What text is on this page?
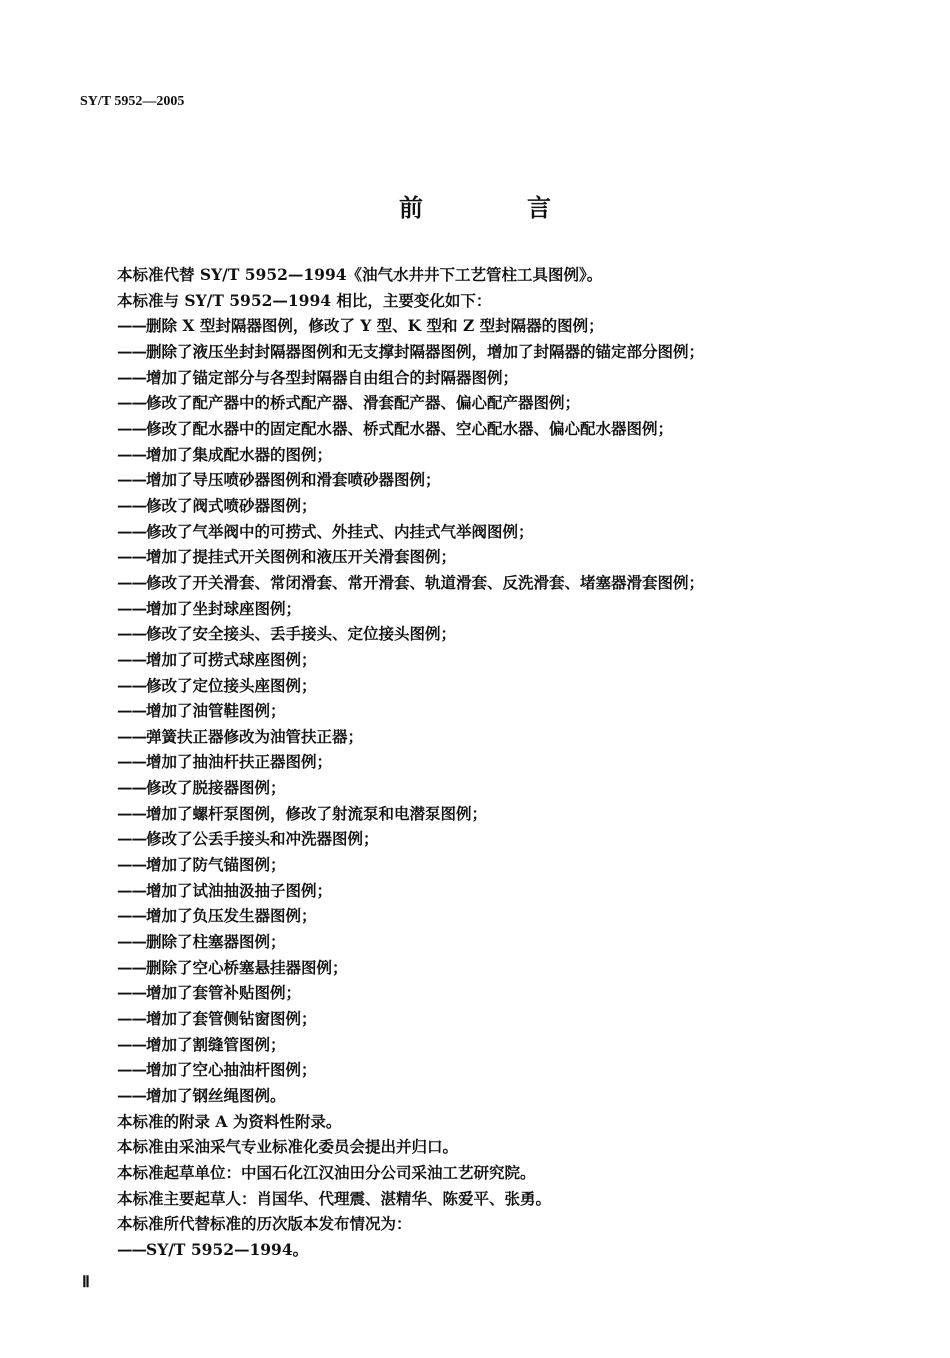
SY/T 5952—2005
前　言
本标准代替 SY/T 5952—1994《油气水井井下工艺管柱工具图例》。
本标准与 SY/T 5952—1994 相比，主要变化如下：
——删除 X 型封隔器图例，修改了 Y 型、K 型和 Z 型封隔器的图例；
——删除了液压坐封封隔器图例和无支撑封隔器图例，增加了封隔器的锚定部分图例；
——增加了锚定部分与各型封隔器自由组合的封隔器图例；
——修改了配产器中的桥式配产器、滑套配产器、偏心配产器图例；
——修改了配水器中的固定配水器、桥式配水器、空心配水器、偏心配水器图例；
——增加了集成配水器的图例；
——增加了导压喷砂器图例和滑套喷砂器图例；
——修改了阀式喷砂器图例；
——修改了气举阀中的可捞式、外挂式、内挂式气举阀图例；
——增加了提挂式开关图例和液压开关滑套图例；
——修改了开关滑套、常闭滑套、常开滑套、轨道滑套、反洗滑套、堵塞器滑套图例；
——增加了坐封球座图例；
——修改了安全接头、丢手接头、定位接头图例；
——增加了可捞式球座图例；
——修改了定位接头座图例；
——增加了油管鞋图例；
——弹簧扶正器修改为油管扶正器；
——增加了抽油杆扶正器图例；
——修改了脱接器图例；
——增加了螺杆泵图例，修改了射流泵和电潜泵图例；
——修改了公丢手接头和冲洗器图例；
——增加了防气锚图例；
——增加了试油抽汲抽子图例；
——增加了负压发生器图例；
——删除了柱塞器图例；
——删除了空心桥塞悬挂器图例；
——增加了套管补贴图例；
——增加了套管侧钻窗图例；
——增加了割缝管图例；
——增加了空心抽油杆图例；
——增加了钢丝绳图例。
本标准的附录 A 为资料性附录。
本标准由采油采气专业标准化委员会提出并归口。
本标准起草单位：中国石化江汉油田分公司采油工艺研究院。
本标准主要起草人：肖国华、代理震、湛精华、陈爱平、张勇。
本标准所代替标准的历次版本发布情况为：
——SY/T 5952—1994。
Ⅱ
